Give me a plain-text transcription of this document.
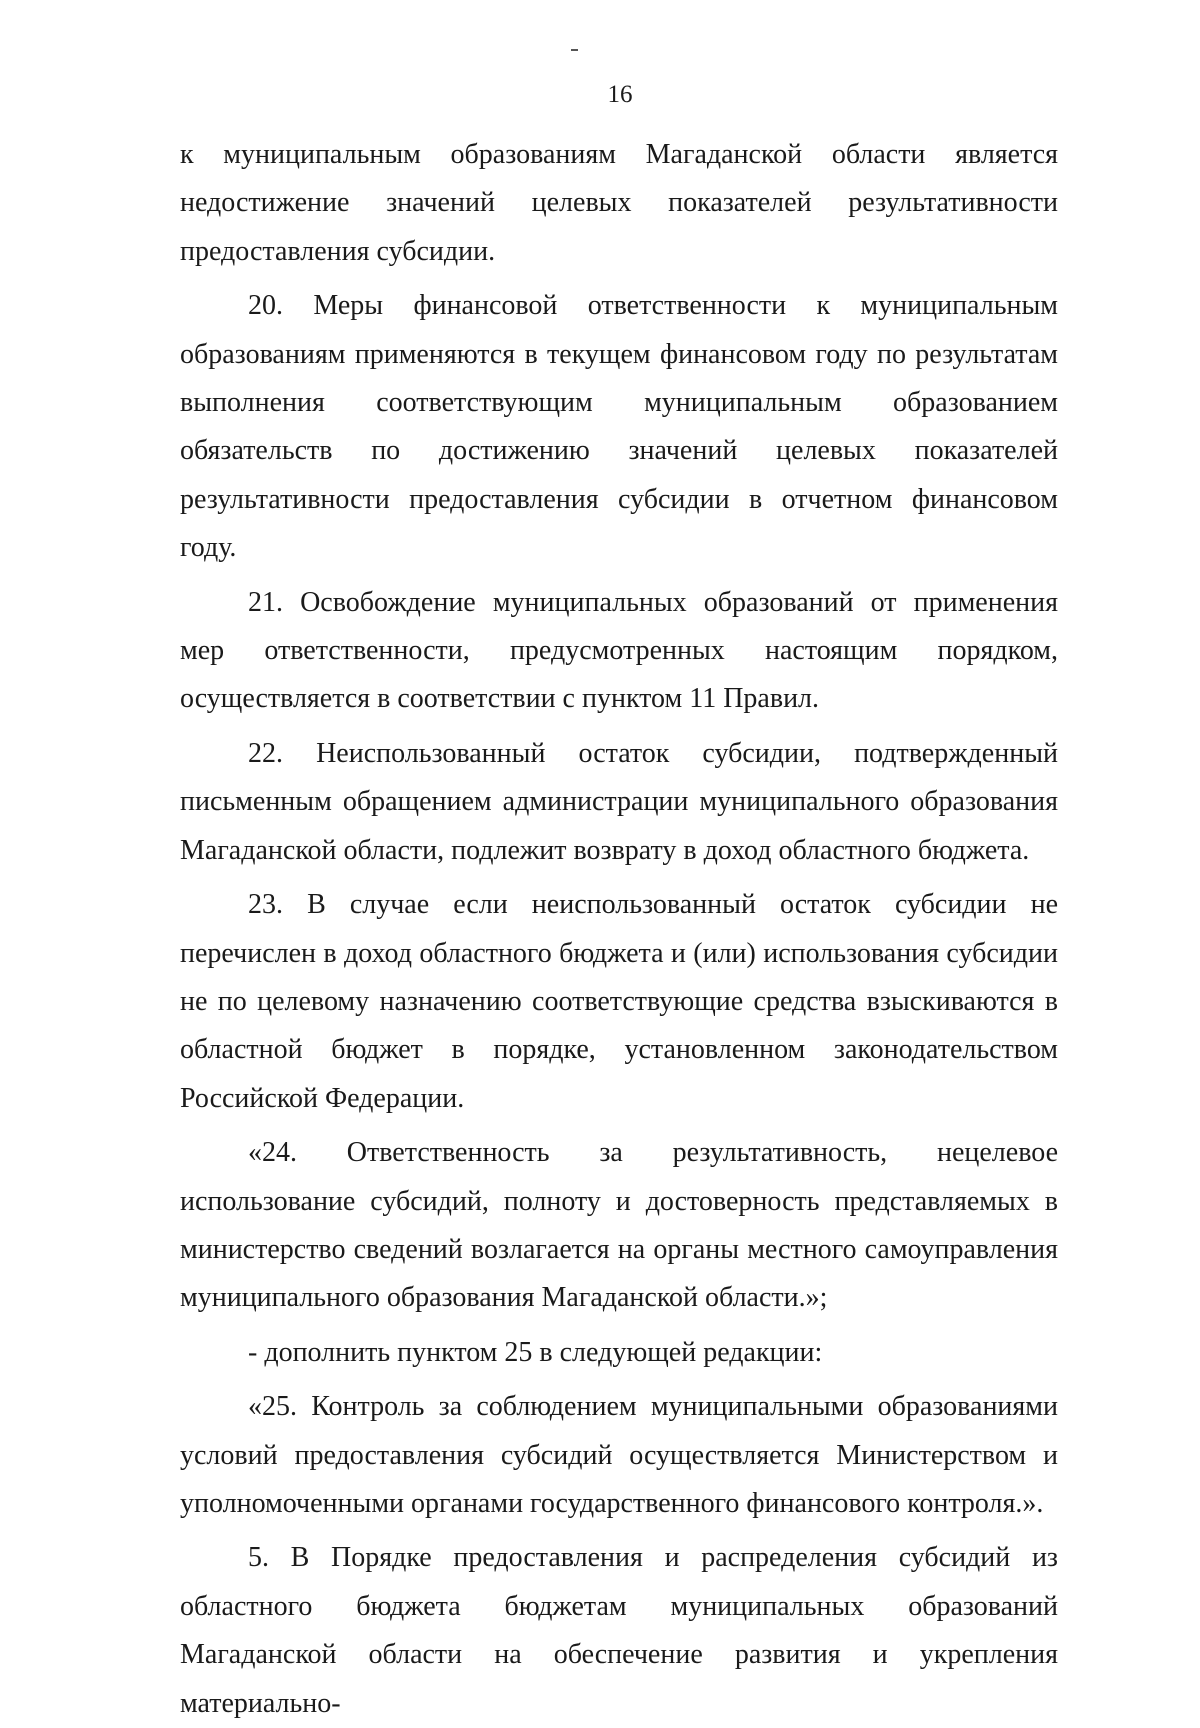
16

к муниципальным образованиям Магаданской области является недостижение значений целевых показателей результативности предоставления субсидии.

20. Меры финансовой ответственности к муниципальным образованиям применяются в текущем финансовом году по результатам выполнения соответствующим муниципальным образованием обязательств по достижению значений целевых показателей результативности предоставления субсидии в отчетном финансовом году.

21. Освобождение муниципальных образований от применения мер ответственности, предусмотренных настоящим порядком, осуществляется в соответствии с пунктом 11 Правил.

22. Неиспользованный остаток субсидии, подтвержденный письменным обращением администрации муниципального образования Магаданской области, подлежит возврату в доход областного бюджета.

23. В случае если неиспользованный остаток субсидии не перечислен в доход областного бюджета и (или) использования субсидии не по целевому назначению соответствующие средства взыскиваются в областной бюджет в порядке, установленном законодательством Российской Федерации.

«24. Ответственность за результативность, нецелевое использование субсидий, полноту и достоверность представляемых в министерство сведений возлагается на органы местного самоуправления муниципального образования Магаданской области.»;

- дополнить пунктом 25 в следующей редакции:

«25. Контроль за соблюдением муниципальными образованиями условий предоставления субсидий осуществляется Министерством и уполномоченными органами государственного финансового контроля.».

5. В Порядке предоставления и распределения субсидий из областного бюджета бюджетам муниципальных образований Магаданской области на обеспечение развития и укрепления материально-
